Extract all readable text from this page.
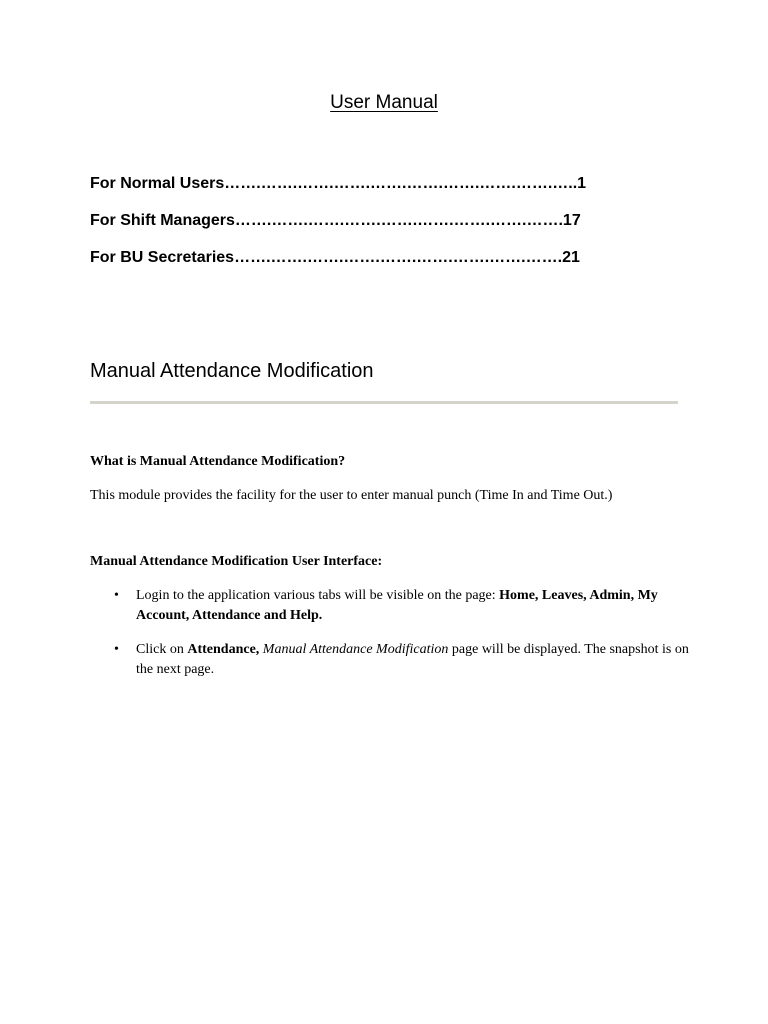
User Manual
For Normal Users…….…….…….…….…….…….…….…….…….…..1
For Shift Managers…….…….…….…….…….…….…….…….…….17
For BU Secretaries…….…….…….…….…….…….…….…….…….21
Manual Attendance Modification

What is Manual Attendance Modification?

This module provides the facility for the user to enter manual punch (Time In and Time Out.)

Manual Attendance Modification User Interface:

• Login to the application various tabs will be visible on the page: Home, Leaves, Admin, My Account, Attendance and Help.
• Click on Attendance, Manual Attendance Modification page will be displayed. The snapshot is on the next page.
